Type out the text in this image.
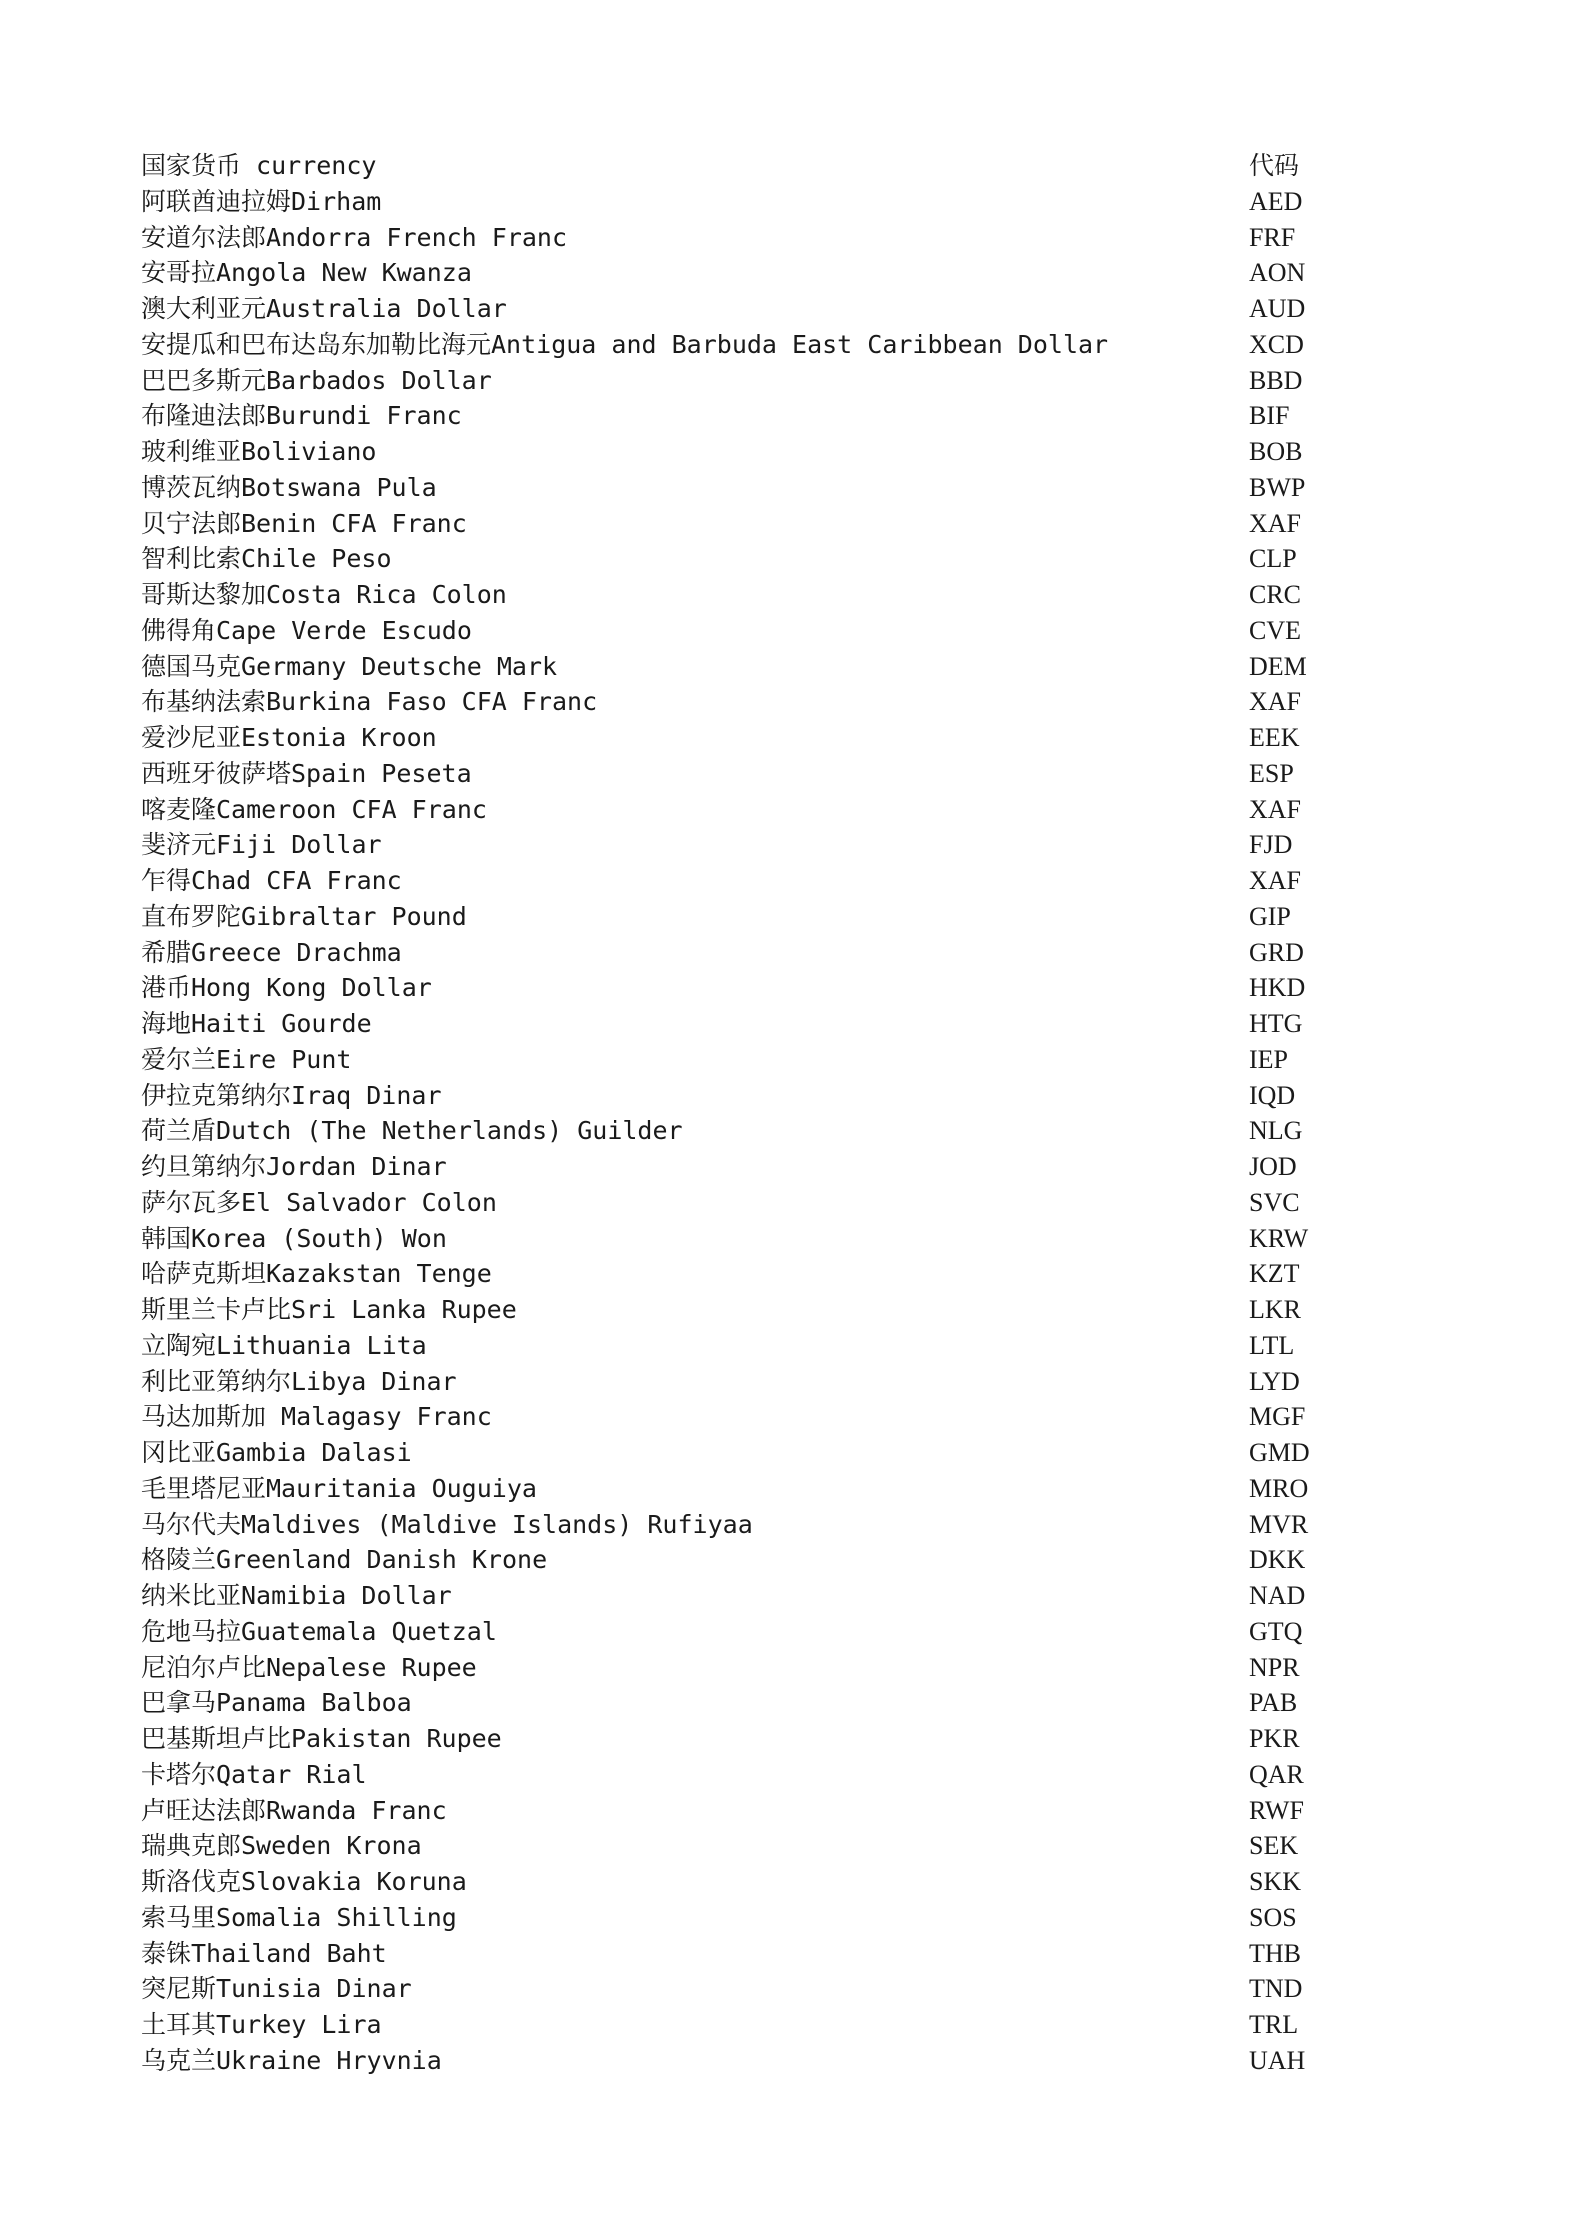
国家货币 currency	代码
阿联酋迪拉姆Dirham	AED
安道尔法郎Andorra French Franc	FRF
安哥拉Angola New Kwanza	AON
澳大利亚元Australia Dollar	AUD
安提瓜和巴布达岛东加勒比海元Antigua and Barbuda East Caribbean Dollar	XCD
巴巴多斯元Barbados Dollar	BBD
布隆迪法郎Burundi Franc	BIF
玻利维亚Boliviano	BOB
博茨瓦纳Botswana Pula	BWP
贝宁法郎Benin CFA Franc	XAF
智利比索Chile Peso	CLP
哥斯达黎加Costa Rica Colon	CRC
佛得角Cape Verde Escudo	CVE
德国马克Germany Deutsche Mark	DEM
布基纳法索Burkina Faso CFA Franc	XAF
爱沙尼亚Estonia Kroon	EEK
西班牙彼萨塔Spain Peseta	ESP
喀麦隆Cameroon CFA Franc	XAF
斐济元Fiji Dollar	FJD
乍得Chad CFA Franc	XAF
直布罗陀Gibraltar Pound	GIP
希腊Greece Drachma	GRD
港币Hong Kong Dollar	HKD
海地Haiti Gourde	HTG
爱尔兰Eire Punt	IEP
伊拉克第纳尔Iraq Dinar	IQD
荷兰盾Dutch (The Netherlands) Guilder	NLG
约旦第纳尔Jordan Dinar	JOD
萨尔瓦多El Salvador Colon	SVC
韩国Korea (South) Won	KRW
哈萨克斯坦Kazakstan Tenge	KZT
斯里兰卡卢比Sri Lanka Rupee	LKR
立陶宛Lithuania Lita	LTL
利比亚第纳尔Libya Dinar	LYD
马达加斯加 Malagasy Franc	MGF
冈比亚Gambia Dalasi	GMD
毛里塔尼亚Mauritania Ouguiya	MRO
马尔代夫Maldives (Maldive Islands) Rufiyaa	MVR
格陵兰Greenland Danish Krone	DKK
纳米比亚Namibia Dollar	NAD
危地马拉Guatemala Quetzal	GTQ
尼泊尔卢比Nepalese Rupee	NPR
巴拿马Panama Balboa	PAB
巴基斯坦卢比Pakistan Rupee	PKR
卡塔尔Qatar Rial	QAR
卢旺达法郎Rwanda Franc	RWF
瑞典克郎Sweden Krona	SEK
斯洛伐克Slovakia Koruna	SKK
索马里Somalia Shilling	SOS
泰铢Thailand Baht	THB
突尼斯Tunisia Dinar	TND
土耳其Turkey Lira	TRL
乌克兰Ukraine Hryvnia	UAH
